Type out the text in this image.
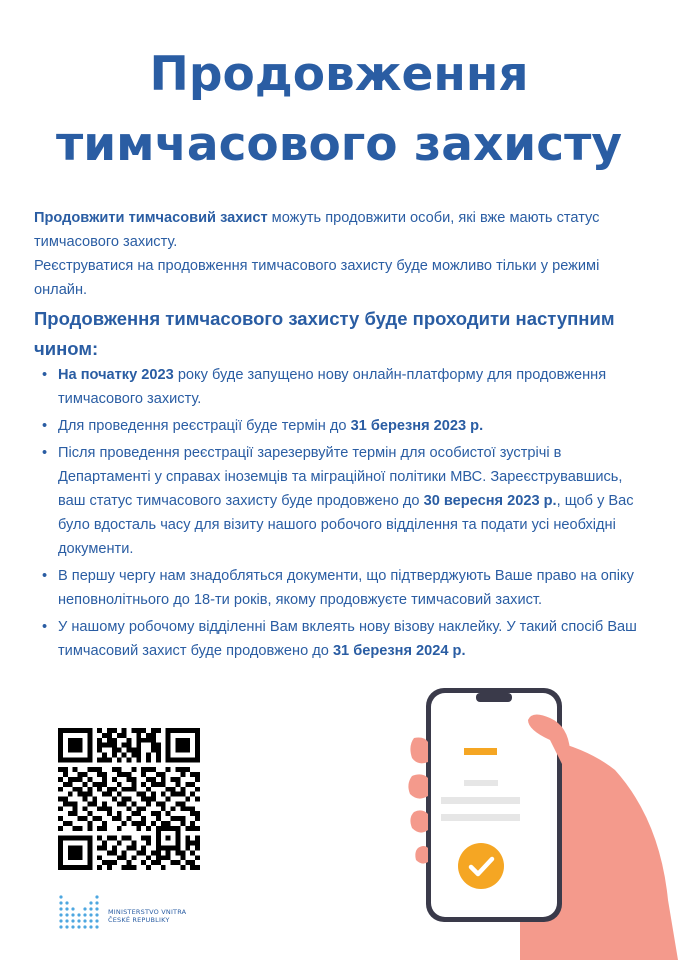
Продовження
тимчасового захисту

Продовжити тимчасовий захист можуть продовжити особи, які вже мають статус тимчасового захисту.

Реєструватися на продовження тимчасового захисту буде можливо тільки у режимі онлайн.

Продовження тимчасового захисту буде проходити наступним чином:
• На початку 2023 року буде запущено нову онлайн-платформу для продовження тимчасового захисту.
• Для проведення реєстрації буде термін до 31 березня 2023 р.
• Після проведення реєстрації зарезервуйте термін для особистої зустрічі в Департаменті у справах іноземців та міграційної політики МВС. Зареєструвавшись, ваш статус тимчасового захисту буде продовжено до 30 вересня 2023 р., щоб у Вас було вдосталь часу для візиту нашого робочого відділення та подати усі необхідні документи.
• В першу чергу нам знадобляться документи, що підтверджують Ваше право на опіку неповнолітнього до 18-ти років, якому продовжуєте тимчасовий захист.
• У нашому робочому відділенні Вам вклеять нову візову наклейку. У такий спосіб Ваш тимчасовий захист буде продовжено до 31 березня 2024 р.
MINISTERSTVO VNITRA
ČESKÉ REPUBLIKY
